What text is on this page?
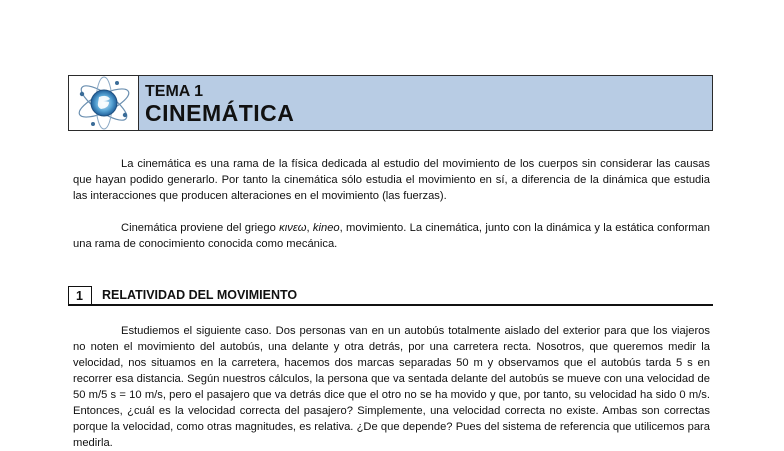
TEMA 1
CINEMÁTICA

La cinemática es una rama de la física dedicada al estudio del movimiento de los cuerpos sin considerar las causas que hayan podido generarlo. Por tanto la cinemática sólo estudia el movimiento en sí, a diferencia de la dinámica que estudia las interacciones que producen alteraciones en el movimiento (las fuerzas).

Cinemática proviene del griego κινεω, kineo, movimiento. La cinemática, junto con la dinámica y la estática conforman una rama de conocimiento conocida como mecánica.

1	RELATIVIDAD DEL MOVIMIENTO

Estudiemos el siguiente caso. Dos personas van en un autobús totalmente aislado del exterior para que los viajeros no noten el movimiento del autobús, una delante y otra detrás, por una carretera recta. Nosotros, que queremos medir la velocidad, nos situamos en la carretera, hacemos dos marcas separadas 50 m y observamos que el autobús tarda 5 s en recorrer esa distancia. Según nuestros cálculos, la persona que va sentada delante del autobús se mueve con una velocidad de 50 m/5 s = 10 m/s, pero el pasajero que va detrás dice que el otro no se ha movido y que, por tanto, su velocidad ha sido 0 m/s. Entonces, ¿cuál es la velocidad correcta del pasajero? Simplemente, una velocidad correcta no existe. Ambas son correctas porque la velocidad, como otras magnitudes, es relativa. ¿De que depende? Pues del sistema de referencia que utilicemos para medirla.
